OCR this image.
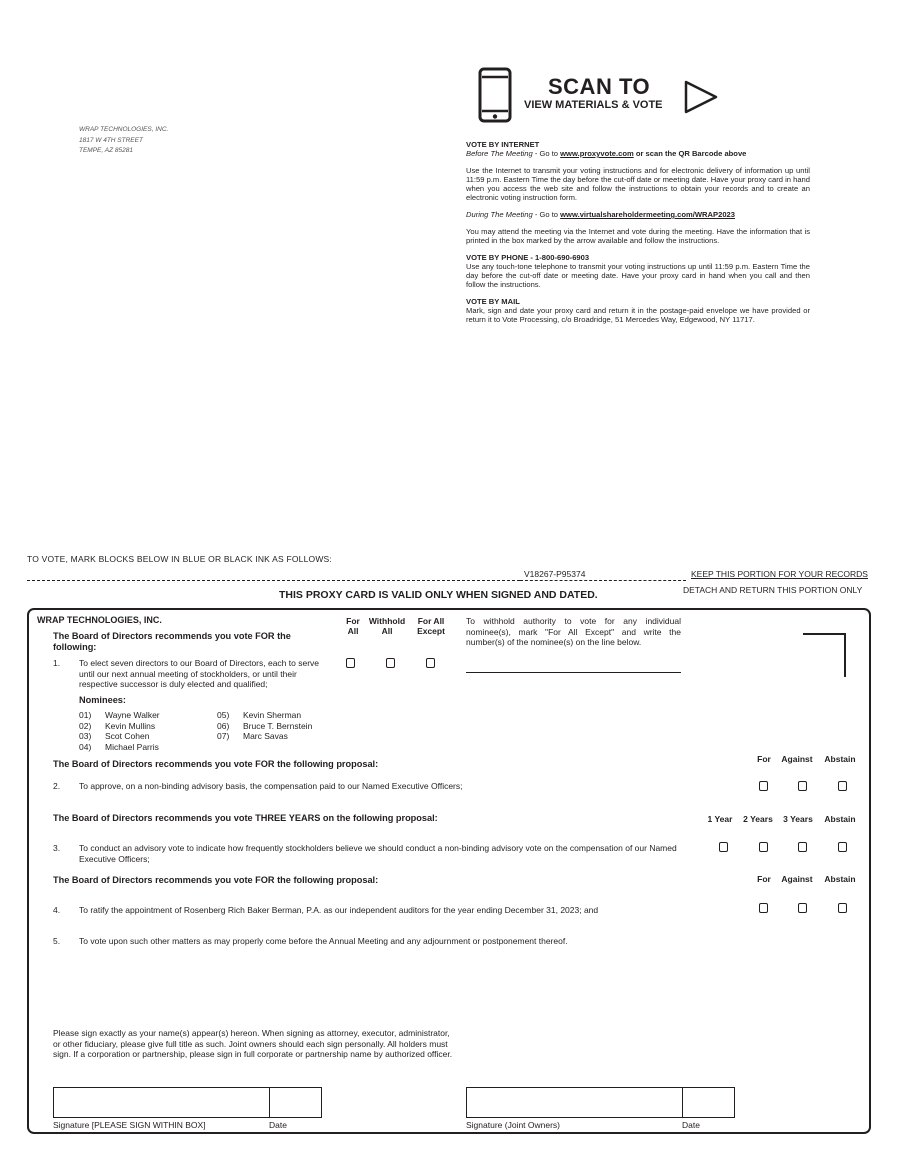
WRAP TECHNOLOGIES, INC.
1817 W 4TH STREET
TEMPE, AZ 85281
SCAN TO
VIEW MATERIALS & VOTE

VOTE BY INTERNET

Before The Meeting - Go to www.proxyvote.com or scan the QR Barcode above

Use the Internet to transmit your voting instructions and for electronic delivery of information up until 11:59 p.m. Eastern Time the day before the cut-off date or meeting date. Have your proxy card in hand when you access the web site and follow the instructions to obtain your records and to create an electronic voting instruction form.

During The Meeting - Go to www.virtualshareholdermeeting.com/WRAP2023

You may attend the meeting via the Internet and vote during the meeting. Have the information that is printed in the box marked by the arrow available and follow the instructions.

VOTE BY PHONE - 1-800-690-6903

Use any touch-tone telephone to transmit your voting instructions up until 11:59 p.m. Eastern Time the day before the cut-off date or meeting date. Have your proxy card in hand when you call and then follow the instructions.

VOTE BY MAIL

Mark, sign and date your proxy card and return it in the postage-paid envelope we have provided or return it to Vote Processing, c/o Broadridge, 51 Mercedes Way, Edgewood, NY 11717.

TO VOTE, MARK BLOCKS BELOW IN BLUE OR BLACK INK AS FOLLOWS:
V18267-P95374	KEEP THIS PORTION FOR YOUR RECORDS
DETACH AND RETURN THIS PORTION ONLY
THIS PROXY CARD IS VALID ONLY WHEN SIGNED AND DATED.
WRAP TECHNOLOGIES, INC.
The Board of Directors recommends you vote FOR the following:
For All
Withhold All
For All Except
To withhold authority to vote for any individual nominee(s), mark "For All Except" and write the number(s) of the nominee(s) on the line below.
1. To elect seven directors to our Board of Directors, each to serve until our next annual meeting of stockholders, or until their respective successor is duly elected and qualified;
Nominees:
01) Wayne Walker
02) Kevin Mullins
03) Scot Cohen
04) Michael Parris
05) Kevin Sherman
06) Bruce T. Bernstein
07) Marc Savas
The Board of Directors recommends you vote FOR the following proposal:	For	Against	Abstain
2. To approve, on a non-binding advisory basis, the compensation paid to our Named Executive Officers;
The Board of Directors recommends you vote THREE YEARS on the following proposal:	1 Year	2 Years	3 Years	Abstain
3. To conduct an advisory vote to indicate how frequently stockholders believe we should conduct a non-binding advisory vote on the compensation of our Named Executive Officers;
The Board of Directors recommends you vote FOR the following proposal:	For	Against	Abstain
4. To ratify the appointment of Rosenberg Rich Baker Berman, P.A. as our independent auditors for the year ending December 31, 2023; and
5. To vote upon such other matters as may properly come before the Annual Meeting and any adjournment or postponement thereof.
Please sign exactly as your name(s) appear(s) hereon. When signing as attorney, executor, administrator, or other fiduciary, please give full title as such. Joint owners should each sign personally. All holders must sign. If a corporation or partnership, please sign in full corporate or partnership name by authorized officer.
Signature [PLEASE SIGN WITHIN BOX]	Date	Signature (Joint Owners)	Date
